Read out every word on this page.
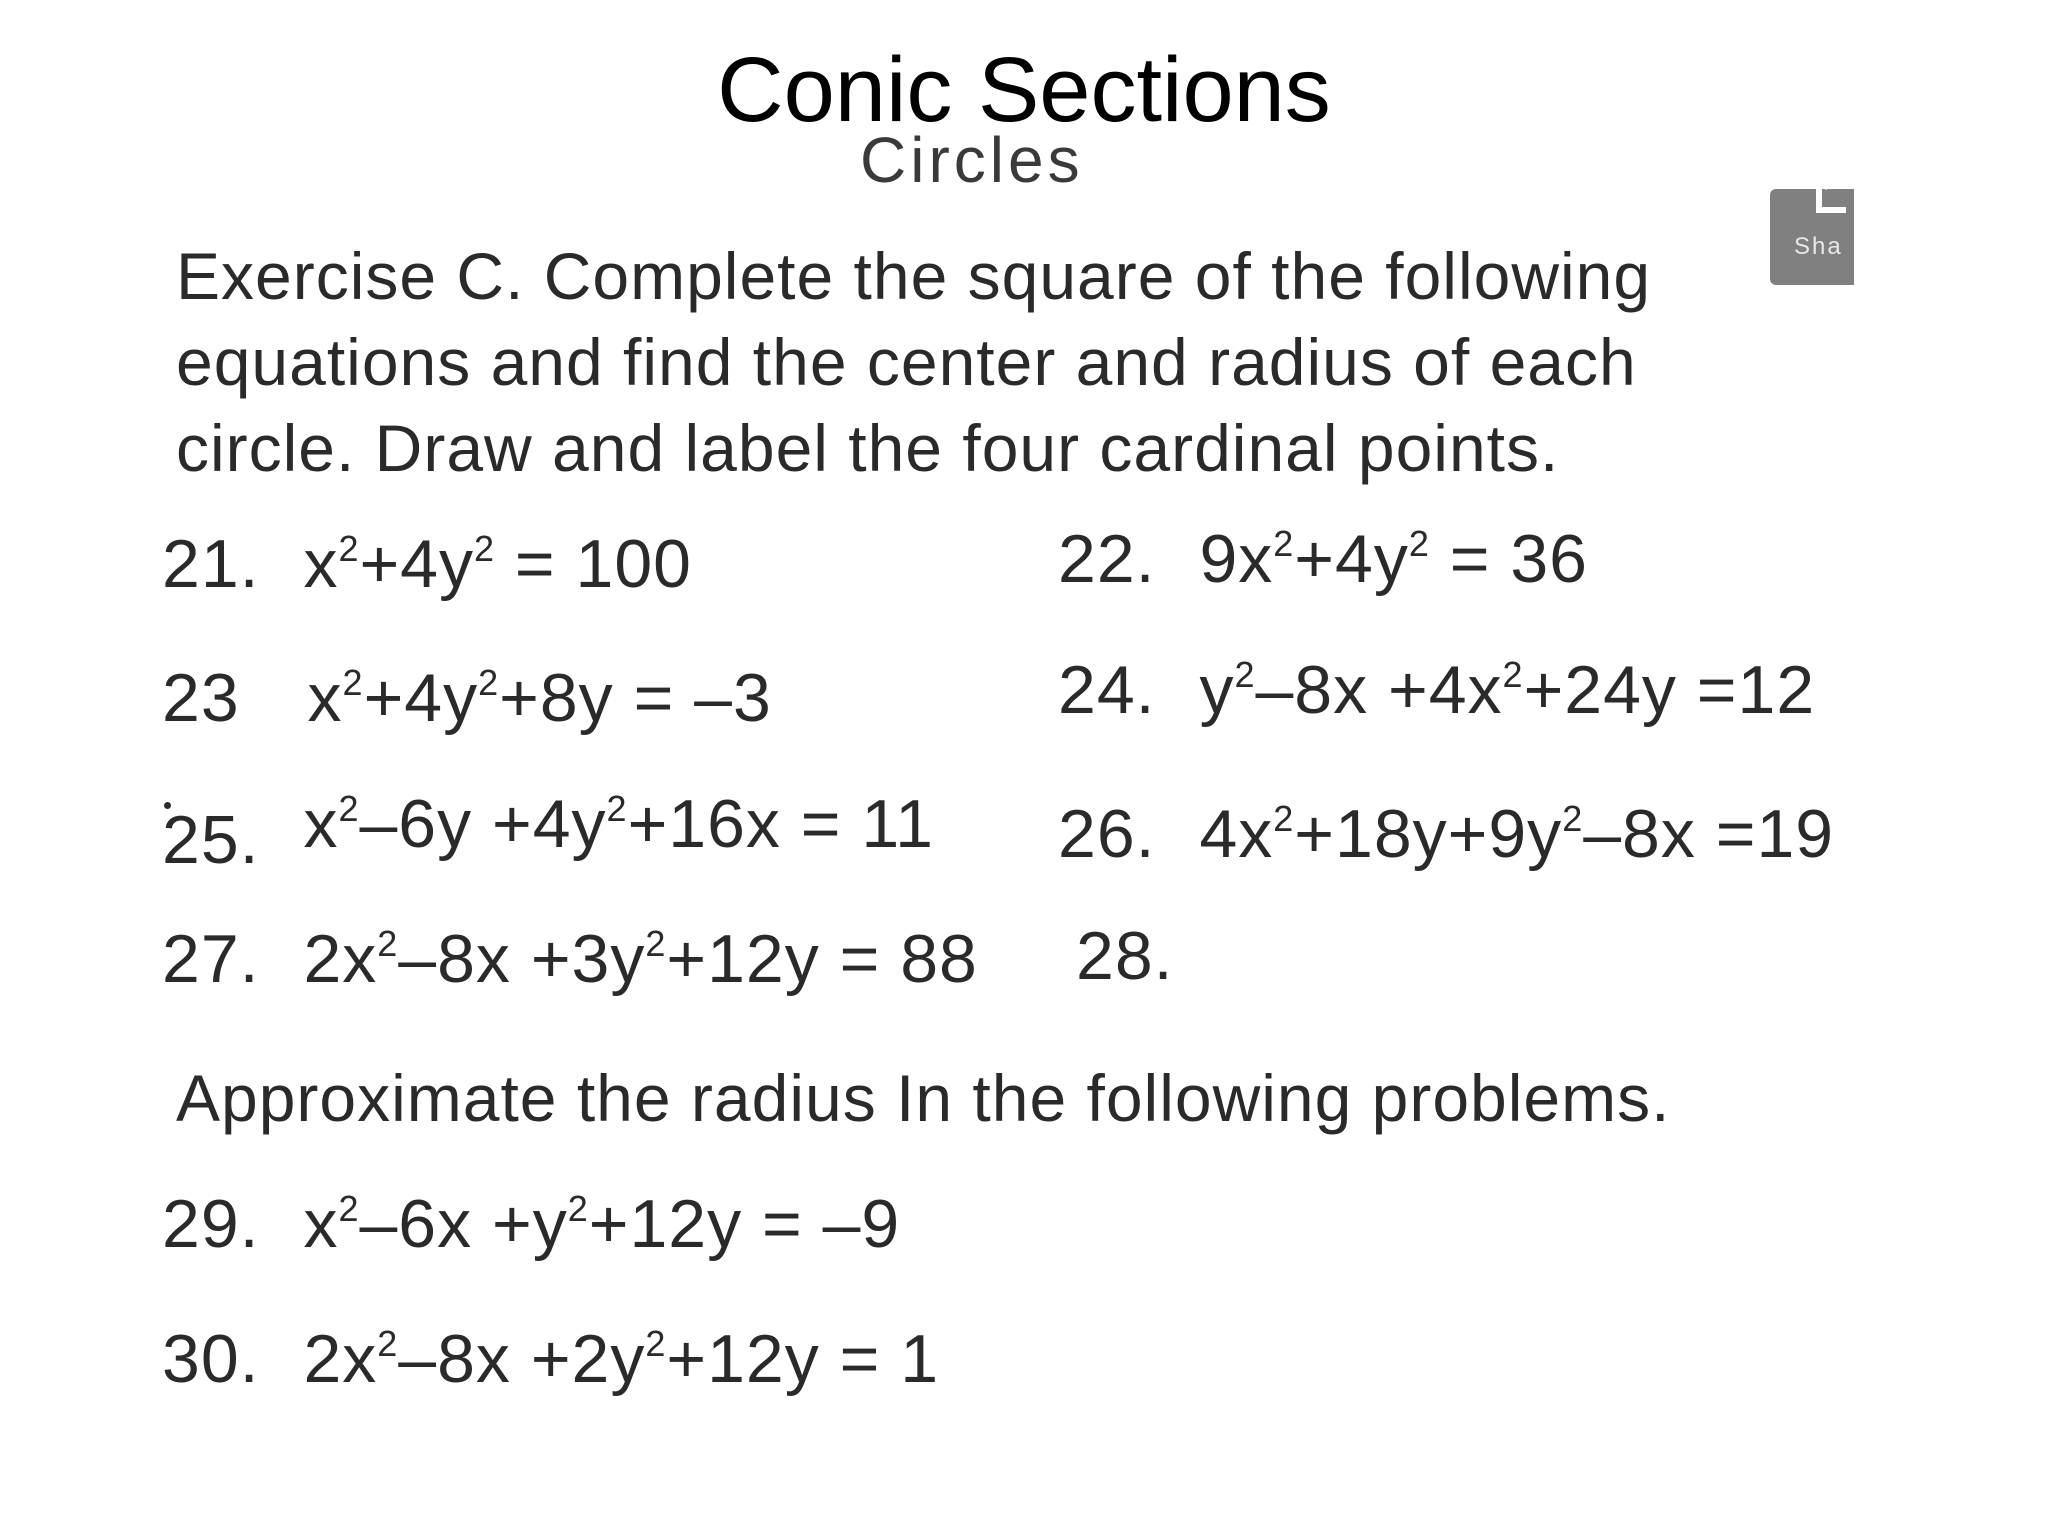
Conic Sections
Circles
Sha
Exercise C. Complete the square of the following
equations and find the center and radius of each
circle. Draw and label the four cardinal points.
21. $x^2+4y^2 = 100$	22. $9x^2+4y^2 = 36$
23 $x^2+4y^2+8y = -3$	24. $y^2-8x +4x^2+24y =12$
25. $x^2-6y +4y^2+16x = 11$ 26. $4x^2+18y+9y^2-8x =19$
27. $2x^2-8x +3y^2+12y = 88$ 28.
Approximate the radius In the following problems.
29. $x^2-6x +y^2+12y = -9$
30. $2x^2-8x +2y^2+12y = 1$
